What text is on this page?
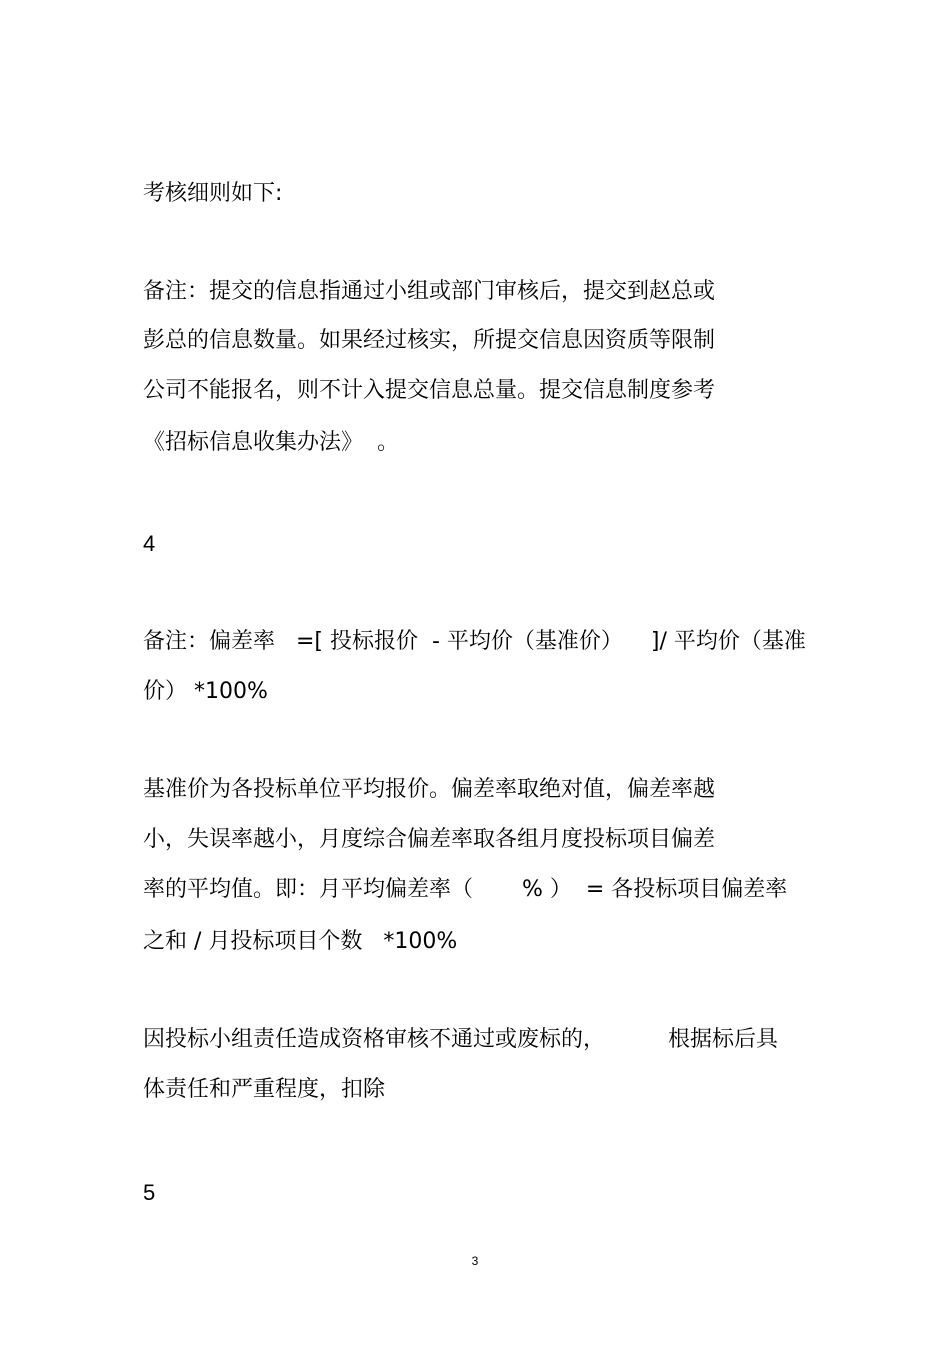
考核细则如下:

备注：提交的信息指通过小组或部门审核后，提交到赵总或

彭总的信息数量。如果经过核实，所提交信息因资质等限制

公司不能报名，则不计入提交信息总量。提交信息制度参考

《招标信息收集办法》  。

4

备注：偏差率   =[ 投标报价  - 平均价（基准价）    ]/ 平均价（基准

价） *100%

基准价为各投标单位平均报价。偏差率取绝对值，偏差率越

小，失误率越小，月度综合偏差率取各组月度投标项目偏差

率的平均值。即：月平均偏差率（       % ）  = 各投标项目偏差率

之和 / 月投标项目个数   *100%

因投标小组责任造成资格审核不通过或废标的，         根据标后具

体责任和严重程度，扣除

5

3
